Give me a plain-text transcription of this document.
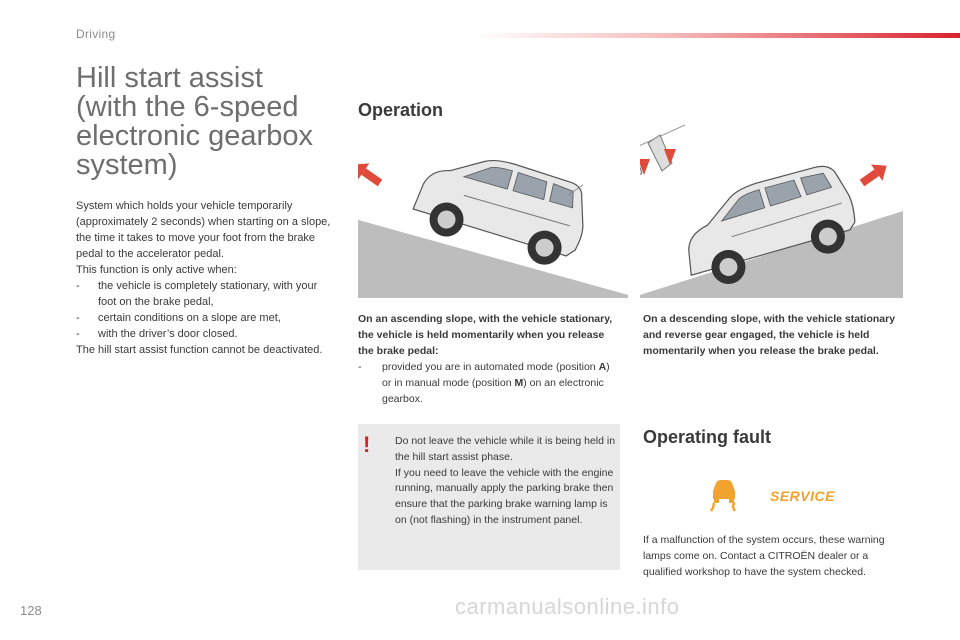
Driving
Hill start assist
(with the 6-speed
electronic gearbox
system)

System which holds your vehicle temporarily (approximately 2 seconds) when starting on a slope, the time it takes to move your foot from the brake pedal to the accelerator pedal.

This function is only active when:

- the vehicle is completely stationary, with your foot on the brake pedal,
- certain conditions on a slope are met,
- with the driver’s door closed.

The hill start assist function cannot be deactivated.

Operation
On an ascending slope, with the vehicle stationary, the vehicle is held momentarily when you release the brake pedal:
- provided you are in automated mode (position A) or in manual mode (position M) on an electronic gearbox.
On a descending slope, with the vehicle stationary and reverse gear engaged, the vehicle is held momentarily when you release the brake pedal.
! Do not leave the vehicle while it is being held in the hill start assist phase.
If you need to leave the vehicle with the engine running, manually apply the parking brake then ensure that the parking brake warning lamp is on (not flashing) in the instrument panel.
Operating fault
SERVICE
If a malfunction of the system occurs, these warning lamps come on. Contact a CITROËN dealer or a qualified workshop to have the system checked.
128	carmanualsonline.info
